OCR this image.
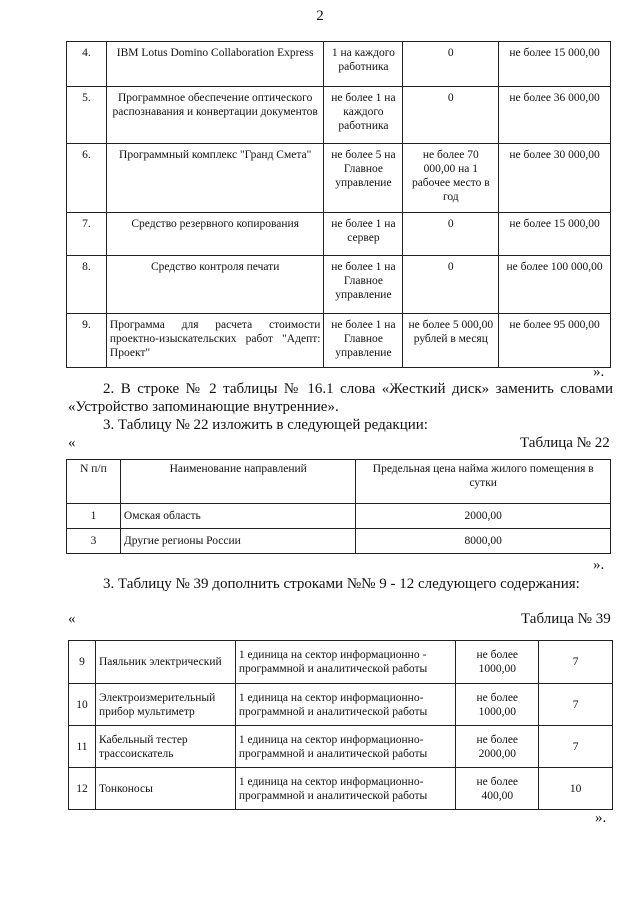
2
4.	IBM Lotus Domino Collaboration Express	1 на каждого работника	0	не более 15 000,00
5.	Программное обеспечение оптического распознавания и конвертации документов	не более 1 на каждого работника	0	не более 36 000,00
6.	Программный комплекс "Гранд Смета"	не более 5 на Главное управление	не более 70 000,00 на 1 рабочее место в год	не более 30 000,00
7.	Средство резервного копирования	не более 1 на сервер	0	не более 15 000,00
8.	Средство контроля печати	не более 1 на Главное управление	0	не более 100 000,00
9.	Программа для расчета стоимости проектно-изыскательских работ "Адепт: Проект"	не более 1 на Главное управление	не более 5 000,00 рублей в месяц	не более 95 000,00
».
2. В строке № 2 таблицы № 16.1 слова «Жесткий диск» заменить словами «Устройство запоминающие внутренние».
3. Таблицу № 22 изложить в следующей редакции:
«	Таблица № 22
N п/п	Наименование направлений	Предельная цена найма жилого помещения в сутки
1	Омская область	2000,00
3	Другие регионы России	8000,00
».
3. Таблицу № 39 дополнить строками №№ 9 - 12 следующего содержания:
«	Таблица № 39
9	Паяльник электрический	1 единица на сектор информационно - программной и аналитической работы	не более 1000,00	7
10	Электроизмерительный прибор мультиметр	1 единица на сектор информационно-программной и аналитической работы	не более 1000,00	7
11	Кабельный тестер трассоискатель	1 единица на сектор информационно-программной и аналитической работы	не более 2000,00	7
12	Тонконосы	1 единица на сектор информационно-программной и аналитической работы	не более 400,00	10
».
